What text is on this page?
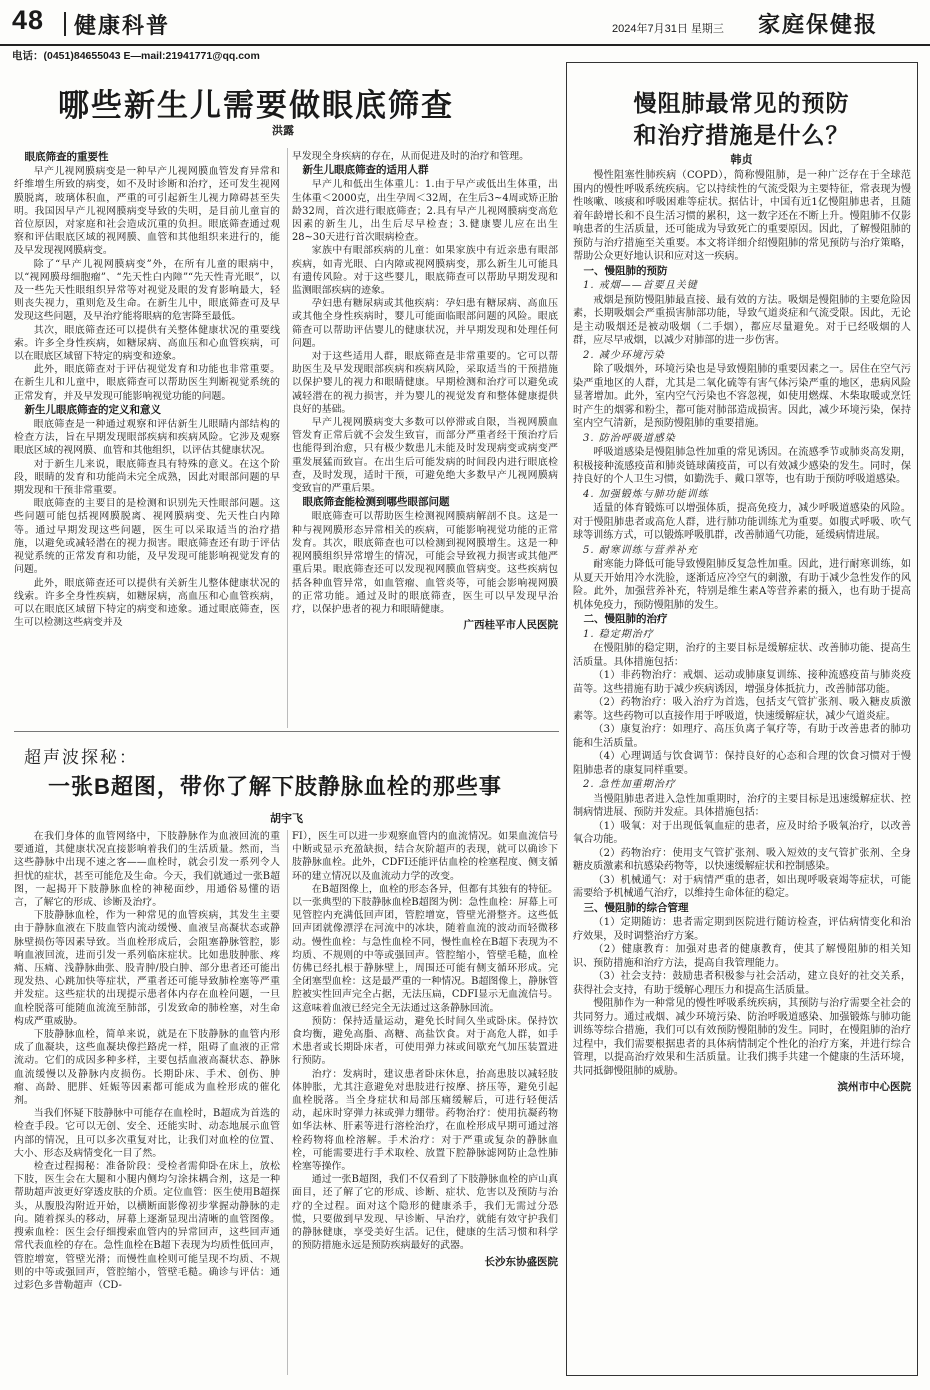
48 健康科普	2024年7月31日 星期三 家庭保健报
电话：(0451)84655043 E—mail:21941771@qq.com
哪些新生儿需要做眼底筛查
洪露
眼底筛查的重要性

早产儿视网膜病变是一种早产儿视网膜血管发育异常和纤维增生所致的病变，如不及时诊断和治疗，还可发生视网膜脱离，玻璃体积血，严重的可引起新生儿视力障碍甚至失明。我国因早产儿视网膜病变导致的失明，是目前儿童盲的首位原因，对家庭和社会造成沉重的负担。眼底筛查通过观察和评估眼底区域的视网膜、血管和其他组织来进行的，能及早发现视网膜病变。

除了“早产儿视网膜病变”外，在所有儿童的眼病中，以“视网膜母细胞瘤”、“先天性白内障”“先天性青光眼”，以及一些先天性眼组织异常等对视觉及眼的发育影响最大，轻则丧失视力，重则危及生命。在新生儿中，眼底筛查可及早发现这些问题，及早治疗能将眼病的危害降至最低。

其次，眼底筛查还可以提供有关整体健康状况的重要线索。许多全身性疾病，如糖尿病、高血压和心血管疾病，可以在眼底区域留下特定的病变和迹象。

此外，眼底筛查对于评估视觉发育和功能也非常重要。在新生儿和儿童中，眼底筛查可以帮助医生判断视觉系统的正常发育，并及早发现可能影响视觉功能的问题。

新生儿眼底筛查的定义和意义

眼底筛查是一种通过观察和评估新生儿眼睛内部结构的检查方法，旨在早期发现眼部疾病和疾病风险。它涉及观察眼底区域的视网膜、血管和其他组织，以评估其健康状况。

对于新生儿来说，眼底筛查具有特殊的意义。在这个阶段，眼睛的发育和功能尚未完全成熟，因此对眼部问题的早期发现和干预非常重要。

眼底筛查的主要目的是检测和识别先天性眼部问题。这些问题可能包括视网膜脱离、视网膜病变、先天性白内障等。通过早期发现这些问题，医生可以采取适当的治疗措施，以避免或减轻潜在的视力损害。眼底筛查还有助于评估视觉系统的正常发育和功能，及早发现可能影响视觉发育的问题。

此外，眼底筛查还可以提供有关新生儿整体健康状况的线索。许多全身性疾病，如糖尿病，高血压和心血管疾病，可以在眼底区域留下特定的病变和迹象。通过眼底筛查，医生可以检测这些病变并及

早发现全身疾病的存在，从而促进及时的治疗和管理。

新生儿眼底筛查的适用人群

早产儿和低出生体重儿：1.由于早产或低出生体重，出生体重＜2000克，出生孕周＜32周，在生后3~4周或矫正胎龄32周，首次进行眼底筛查；2.具有早产儿视网膜病变高危因素的新生儿，出生后尽早检查；3.健康婴儿应在出生28~30天进行首次眼病检查。

家族中有眼部疾病的儿童：如果家族中有近亲患有眼部疾病，如青光眼、白内障或视网膜病变，那么新生儿可能具有遗传风险。对于这些婴儿，眼底筛查可以帮助早期发现和监测眼部疾病的迹象。

孕妇患有糖尿病或其他疾病：孕妇患有糖尿病、高血压或其他全身性疾病时，婴儿可能面临眼部问题的风险。眼底筛查可以帮助评估婴儿的健康状况，并早期发现和处理任何问题。

对于这些适用人群，眼底筛查是非常重要的。它可以帮助医生及早发现眼部疾病和疾病风险，采取适当的干预措施以保护婴儿的视力和眼睛健康。早期检测和治疗可以避免或减轻潜在的视力损害，并为婴儿的视觉发育和整体健康提供良好的基础。

早产儿视网膜病变大多数可以停滞或自限，当视网膜血管发育正常后就不会发生致盲，而部分严重者经干预治疗后也能得到治愈，只有极少数患儿未能及时发现病变或病变严重发展猛而致盲。在出生后可能发病的时间段内进行眼底检查，及时发现，适时干预，可避免绝大多数早产儿视网膜病变致盲的严重后果。

眼底筛查能检测到哪些眼部问题

眼底筛查可以帮助医生检测视网膜病解剖不良。这是一种与视网膜形态异常相关的疾病，可能影响视觉功能的正常发育。其次，眼底筛查也可以检测到视网膜增生。这是一种视网膜组织异常增生的情况，可能会导致视力损害或其他严重后果。眼底筛查还可以发现视网膜血管病变。这些疾病包括各种血管异常，如血管瘤、血管炎等，可能会影响视网膜的正常功能。通过及时的眼底筛查，医生可以早发现早治疗，以保护患者的视力和眼睛健康。

广西桂平市人民医院

超声波探秘：
一张B超图，带你了解下肢静脉血栓的那些事
胡宇飞

在我们身体的血管网络中，下肢静脉作为血液回流的重要通道，其健康状况直接影响着我们的生活质量。然而，当这些静脉中出现不速之客——血栓时，就会引发一系列令人担忧的症状，甚至可能危及生命。今天，我们就通过一张B超图，一起揭开下肢静脉血栓的神秘面纱，用通俗易懂的语言，了解它的形成、诊断及治疗。

下肢静脉血栓，作为一种常见的血管疾病，其发生主要由于静脉血液在下肢血管内流动缓慢、血液呈高凝状态或静脉壁损伤等因素导致。当血栓形成后，会阻塞静脉管腔，影响血液回流，进而引发一系列临床症状。比如患肢肿胀、疼痛、压痛、浅静脉曲张、股青肿/股白肿、部分患者还可能出现发热、心跳加快等症状，严重者还可能导致肺栓塞等严重并发症。这些症状的出现提示患者体内存在血栓问题，一旦血栓脱落可能随血流流至肺部，引发致命的肺栓塞，对生命构成严重威胁。

下肢静脉血栓，简单来说，就是在下肢静脉的血管内形成了血凝块，这些血凝块像拦路虎一样，阻碍了血液的正常流动。它们的成因多种多样，主要包括血液高凝状态、静脉血流缓慢以及静脉内皮损伤。长期卧床、手术、创伤、肿瘤、高龄、肥胖、妊娠等因素都可能成为血栓形成的催化剂。

当我们怀疑下肢静脉中可能存在血栓时，B超成为首选的检查手段。它可以无创、安全、还能实时、动态地展示血管内部的情况，且可以多次重复对比，让我们对血栓的位置、大小、形态及病情变化一目了然。

检查过程揭秘：准备阶段：受检者需仰卧在床上，放松下肢，医生会在大腿和小腿内侧均匀涂抹耦合剂，这是一种帮助超声波更好穿透皮肤的介质。定位血管：医生使用B超探头，从腹股沟附近开始，以横断面影像初步掌握动静脉的走向。随着探头的移动，屏幕上逐渐显现出清晰的血管图像。搜索血栓：医生会仔细搜索血管内的异常回声，这些回声通常代表血栓的存在。急性血栓在B超下表现为均质性低回声，管腔增宽，管壁光滑；而慢性血栓则可能呈现不均质、不规则的中等或强回声，管腔缩小，管壁毛糙。确诊与评估：通过彩色多普勒超声（CD-

FI），医生可以进一步观察血管内的血流情况。如果血流信号中断或显示充盈缺损，结合灰阶超声的表现，就可以确诊下肢静脉血栓。此外，CDFI还能评估血栓的栓塞程度、侧支循环的建立情况以及血流动力学的改变。

在B超图像上，血栓的形态各异，但都有其独有的特征。以一张典型的下肢静脉血栓B超图为例：急性血栓：屏幕上可见管腔内充满低回声团，管腔增宽，管壁光滑整齐。这些低回声团就像漂浮在河流中的冰块，随着血流的波动而轻微移动。慢性血栓：与急性血栓不同，慢性血栓在B超下表现为不均质、不规则的中等或强回声。管腔缩小，管壁毛糙，血栓仿佛已经扎根于静脉壁上，周围还可能有侧支循环形成。完全闭塞型血栓：这是最严重的一种情况。B超图像上，静脉管腔被实性回声完全占据，无法压扁，CDFI显示无血流信号。这意味着血液已经完全无法通过这条静脉回流。

预防：保持适量运动，避免长时间久坐或卧床。保持饮食均衡，避免高脂、高糖、高盐饮食。对于高危人群，如手术患者或长期卧床者，可使用弹力袜或间歇充气加压装置进行预防。

治疗：发病时，建议患者卧床休息，抬高患肢以减轻肢体肿胀，尤其注意避免对患肢进行按摩、挤压等，避免引起血栓脱落。当全身症状和局部压痛缓解后，可进行轻便活动，起床时穿弹力袜或弹力绷带。药物治疗：使用抗凝药物如华法林、肝素等进行溶栓治疗，在血栓形成早期可通过溶栓药物将血栓溶解。手术治疗：对于严重或复杂的静脉血栓，可能需要进行手术取栓、放置下腔静脉滤网防止急性肺栓塞等操作。

通过一张B超图，我们不仅看到了下肢静脉血栓的庐山真面目，还了解了它的形成、诊断、症状、危害以及预防与治疗的全过程。面对这个隐形的健康杀手，我们无需过分恐慌，只要做到早发现、早诊断、早治疗，就能有效守护我们的静脉健康，享受美好生活。记住，健康的生活习惯和科学的预防措施永远是预防疾病最好的武器。

长沙东协盛医院

慢阻肺最常见的预防
和治疗措施是什么？
韩贞

慢性阻塞性肺疾病（COPD），简称慢阻肺，是一种广泛存在于全球范围内的慢性呼吸系统疾病。它以持续性的气流受限为主要特征，常表现为慢性咳嗽、咳痰和呼吸困难等症状。据估计，中国有近1亿慢阻肺患者，且随着年龄增长和不良生活习惯的累积，这一数字还在不断上升。慢阻肺不仅影响患者的生活质量，还可能成为导致死亡的重要原因。因此，了解慢阻肺的预防与治疗措施至关重要。本文将详细介绍慢阻肺的常见预防与治疗策略，帮助公众更好地认识和应对这一疾病。

一、慢阻肺的预防
1. 戒烟——首要且关键

戒烟是预防慢阻肺最直接、最有效的方法。吸烟是慢阻肺的主要危险因素，长期吸烟会严重损害肺部功能，导致气道炎症和气流受限。因此，无论是主动吸烟还是被动吸烟（二手烟），都应尽量避免。对于已经吸烟的人群，应尽早戒烟，以减少对肺部的进一步伤害。

2. 减少环境污染

除了吸烟外，环境污染也是导致慢阻肺的重要因素之一。居住在空气污染严重地区的人群，尤其是二氧化硫等有害气体污染严重的地区，患病风险显著增加。此外，室内空气污染也不容忽视，如使用燃煤、木柴取暖或烹饪时产生的烟雾和粉尘，都可能对肺部造成损害。因此，减少环境污染，保持室内空气清新，是预防慢阻肺的重要措施。

3. 防治呼吸道感染

呼吸道感染是慢阻肺急性加重的常见诱因。在流感季节或肺炎高发期，积极接种流感疫苗和肺炎链球菌疫苗，可以有效减少感染的发生。同时，保持良好的个人卫生习惯，如勤洗手、戴口罩等，也有助于预防呼吸道感染。

4. 加强锻炼与肺功能训练

适量的体育锻炼可以增强体质，提高免疫力，减少呼吸道感染的风险。对于慢阻肺患者或高危人群，进行肺功能训练尤为重要。如腹式呼吸、吹气球等训练方式，可以锻炼呼吸肌群，改善肺通气功能，延缓病情进展。

5. 耐寒训练与营养补充

耐寒能力降低可能导致慢阻肺反复急性加重。因此，进行耐寒训练，如从夏天开始用冷水洗脸，逐渐适应冷空气的刺激，有助于减少急性发作的风险。此外，加强营养补充，特别是维生素A等营养素的摄入，也有助于提高机体免疫力，预防慢阻肺的发生。

二、慢阻肺的治疗
1. 稳定期治疗

在慢阻肺的稳定期，治疗的主要目标是缓解症状、改善肺功能、提高生活质量。具体措施包括：

（1）非药物治疗：戒烟、运动或肺康复训练、接种流感疫苗与肺炎疫苗等。这些措施有助于减少疾病诱因，增强身体抵抗力，改善肺部功能。

（2）药物治疗：吸入治疗为首选，包括支气管扩张剂、吸入糖皮质激素等。这些药物可以直接作用于呼吸道，快速缓解症状，减少气道炎症。

（3）康复治疗：如理疗、高压负离子氧疗等，有助于改善患者的肺功能和生活质量。

（4）心理调适与饮食调节：保持良好的心态和合理的饮食习惯对于慢阻肺患者的康复同样重要。

2. 急性加重期治疗

当慢阻肺患者进入急性加重期时，治疗的主要目标是迅速缓解症状、控制病情进展、预防并发症。具体措施包括：

（1）吸氧：对于出现低氧血症的患者，应及时给予吸氧治疗，以改善氧合功能。

（2）药物治疗：使用支气管扩张剂、吸入短效的支气管扩张剂、全身糖皮质激素和抗感染药物等，以快速缓解症状和控制感染。

（3）机械通气：对于病情严重的患者，如出现呼吸衰竭等症状，可能需要给予机械通气治疗，以维持生命体征的稳定。

三、慢阻肺的综合管理

（1）定期随访：患者需定期到医院进行随访检查，评估病情变化和治疗效果，及时调整治疗方案。

（2）健康教育：加强对患者的健康教育，使其了解慢阻肺的相关知识、预防措施和治疗方法，提高自我管理能力。

（3）社会支持：鼓励患者积极参与社会活动，建立良好的社交关系，获得社会支持，有助于缓解心理压力和提高生活质量。

慢阻肺作为一种常见的慢性呼吸系统疾病，其预防与治疗需要全社会的共同努力。通过戒烟、减少环境污染、防治呼吸道感染、加强锻炼与肺功能训练等综合措施，我们可以有效预防慢阻肺的发生。同时，在慢阻肺的治疗过程中，我们需要根据患者的具体病情制定个性化的治疗方案，并进行综合管理，以提高治疗效果和生活质量。让我们携手共建一个健康的生活环境，共同抵御慢阻肺的威胁。

滨州市中心医院
